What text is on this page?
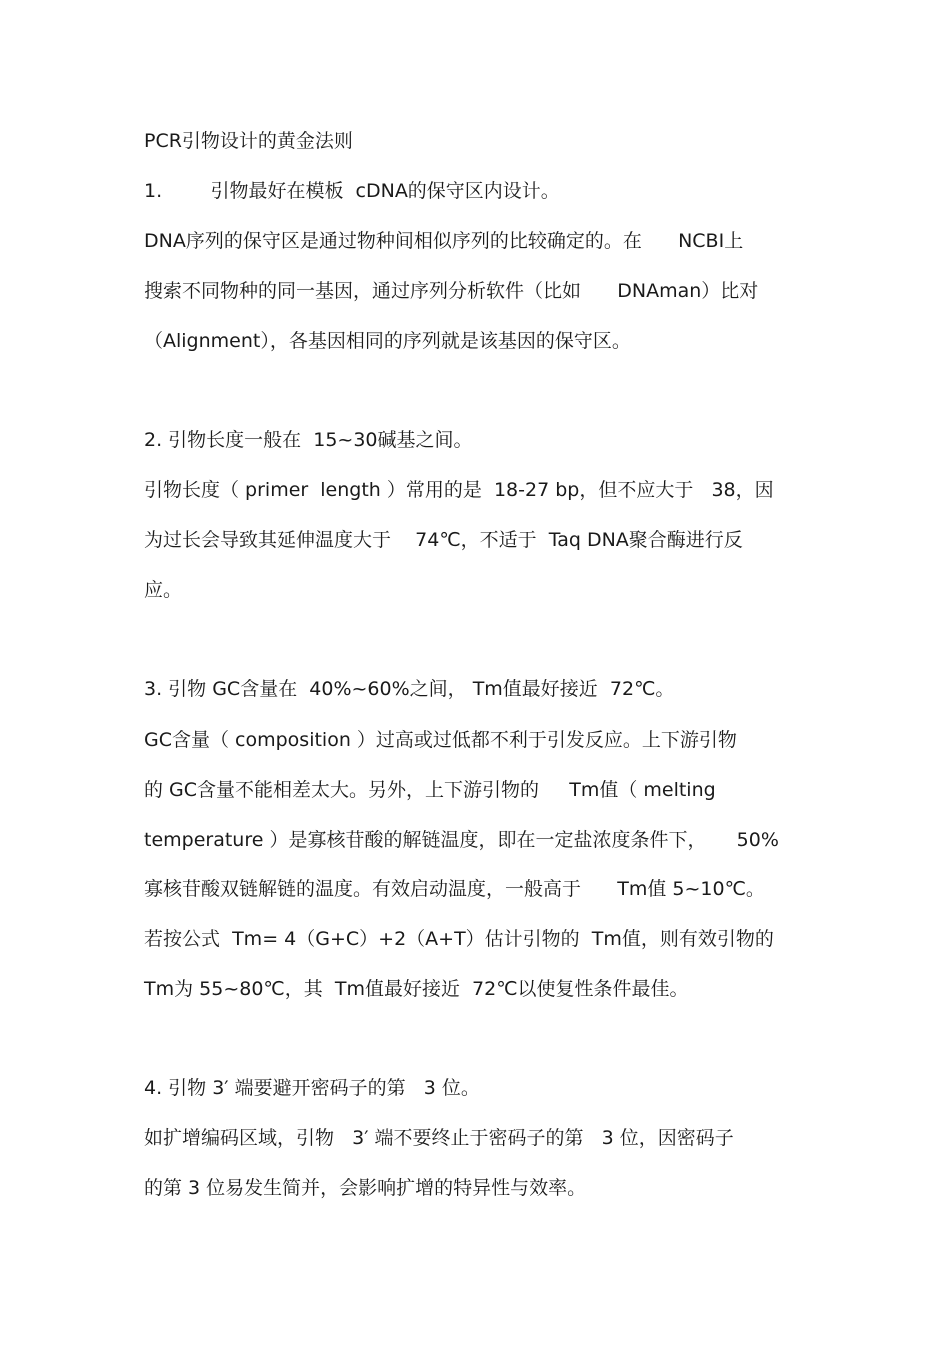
PCR引物设计的黄金法则
1.        引物最好在模板  cDNA的保守区内设计。
DNA序列的保守区是通过物种间相似序列的比较确定的。在      NCBI上
搜索不同物种的同一基因，通过序列分析软件（比如      DNAman）比对
（Alignment），各基因相同的序列就是该基因的保守区。
2. 引物长度一般在  15~30碱基之间。
引物长度（ primer  length ）常用的是  18-27 bp，但不应大于   38，因
为过长会导致其延伸温度大于    74℃，不适于  Taq DNA聚合酶进行反
应。
3. 引物 GC含量在  40%~60%之间， Tm值最好接近  72℃。
GC含量（ composition ）过高或过低都不利于引发反应。上下游引物
的 GC含量不能相差太大。另外，上下游引物的     Tm值（ melting
temperature ）是寡核苷酸的解链温度，即在一定盐浓度条件下，     50%
寡核苷酸双链解链的温度。有效启动温度，一般高于      Tm值 5~10℃。
若按公式  Tm= 4（G+C）+2（A+T）估计引物的  Tm值，则有效引物的
Tm为 55~80℃，其  Tm值最好接近  72℃以使复性条件最佳。
4. 引物 3′ 端要避开密码子的第   3 位。
如扩增编码区域，引物   3′ 端不要终止于密码子的第   3 位，因密码子
的第 3 位易发生简并，会影响扩增的特异性与效率。
